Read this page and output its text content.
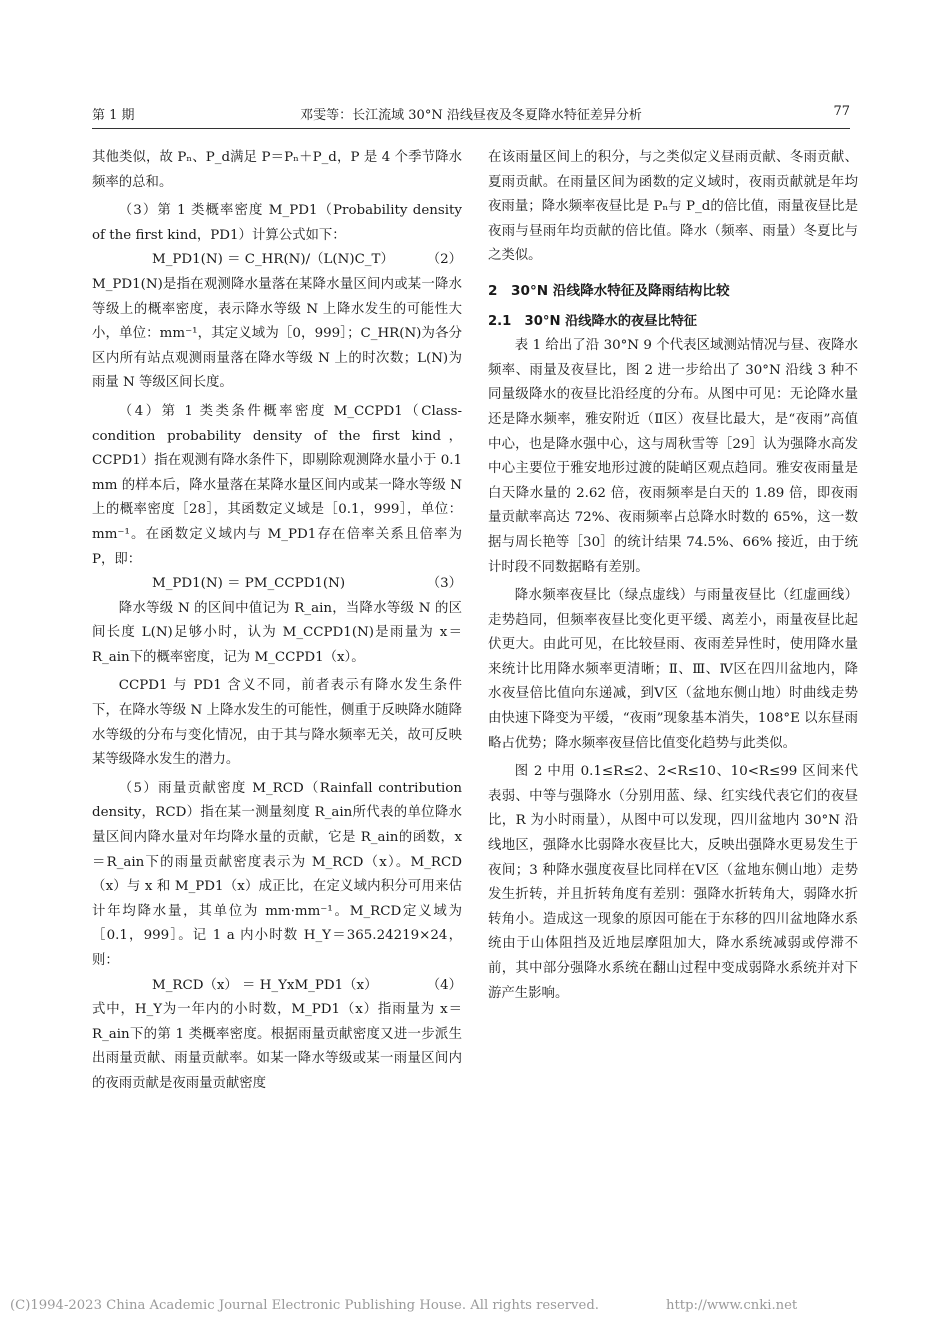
第 1 期	邓雯等：长江流域 30°N 沿线昼夜及冬夏降水特征差异分析	77

其他类似，故 Pₙ、P_d满足 P＝Pₙ＋P_d，P 是 4 个季节降水频率的总和。

（3）第 1 类概率密度 M_PD1（Probability density of the first kind，PD1）计算公式如下：

M_PD1(N) ＝ C_HR(N)/（L(N)C_T） （2）

M_PD1(N)是指在观测降水量落在某降水量区间内或某一降水等级上的概率密度，表示降水等级 N 上降水发生的可能性大小，单位：mm⁻¹，其定义域为［0，999］；C_HR(N)为各分区内所有站点观测雨量落在降水等级 N 上的时次数；L(N)为雨量 N 等级区间长度。

（4）第 1 类类条件概率密度 M_CCPD1（Class-condition probability density of the first kind，CCPD1）指在观测有降水条件下，即剔除观测降水量小于 0.1 mm 的样本后，降水量落在某降水量区间内或某一降水等级 N 上的概率密度［28］，其函数定义域是［0.1，999］，单位：mm⁻¹。在函数定义域内与 M_PD1存在倍率关系且倍率为 P，即：

M_PD1(N) ＝ PM_CCPD1(N)	（3）

降水等级 N 的区间中值记为 R_ain，当降水等级 N 的区间长度 L(N)足够小时，认为 M_CCPD1(N)是雨量为 x＝R_ain下的概率密度，记为 M_CCPD1（x）。

CCPD1 与 PD1 含义不同，前者表示有降水发生条件下，在降水等级 N 上降水发生的可能性，侧重于反映降水随降水等级的分布与变化情况，由于其与降水频率无关，故可反映某等级降水发生的潜力。

（5）雨量贡献密度 M_RCD（Rainfall contribution density，RCD）指在某一测量刻度 R_ain所代表的单位降水量区间内降水量对年均降水量的贡献，它是 R_ain的函数，x＝R_ain下的雨量贡献密度表示为 M_RCD（x）。M_RCD（x）与 x 和 M_PD1（x）成正比，在定义域内积分可用来估计年均降水量，其单位为 mm·mm⁻¹。M_RCD定义域为［0.1，999］。记 1 a 内小时数 H_Y＝365.24219×24，则：

M_RCD（x） ＝ H_YxM_PD1（x）	（4）

式中，H_Y为一年内的小时数，M_PD1（x）指雨量为 x＝R_ain下的第 1 类概率密度。根据雨量贡献密度又进一步派生出雨量贡献、雨量贡献率。如某一降水等级或某一雨量区间内的夜雨贡献是夜雨量贡献密度

在该雨量区间上的积分，与之类似定义昼雨贡献、冬雨贡献、夏雨贡献。在雨量区间为函数的定义域时，夜雨贡献就是年均夜雨量；降水频率夜昼比是 Pₙ与 P_d的倍比值，雨量夜昼比是夜雨与昼雨年均贡献的倍比值。降水（频率、雨量）冬夏比与之类似。

2　30°N 沿线降水特征及降雨结构比较

2.1　30°N 沿线降水的夜昼比特征

表 1 给出了沿 30°N 9 个代表区域测站情况与昼、夜降水频率、雨量及夜昼比，图 2 进一步给出了 30°N 沿线 3 种不同量级降水的夜昼比沿经度的分布。从图中可见：无论降水量还是降水频率，雅安附近（Ⅱ区）夜昼比最大，是“夜雨”高值中心，也是降水强中心，这与周秋雪等［29］认为强降水高发中心主要位于雅安地形过渡的陡峭区观点趋同。雅安夜雨量是白天降水量的 2.62 倍，夜雨频率是白天的 1.89 倍，即夜雨量贡献率高达 72%、夜雨频率占总降水时数的 65%，这一数据与周长艳等［30］的统计结果 74.5%、66% 接近，由于统计时段不同数据略有差别。

降水频率夜昼比（绿点虚线）与雨量夜昼比（红虚画线）走势趋同，但频率夜昼比变化更平缓、离差小，雨量夜昼比起伏更大。由此可见，在比较昼雨、夜雨差异性时，使用降水量来统计比用降水频率更清晰；Ⅱ、Ⅲ、Ⅳ区在四川盆地内，降水夜昼倍比值向东递减，到Ⅴ区（盆地东侧山地）时曲线走势由快速下降变为平缓，“夜雨”现象基本消失，108°E 以东昼雨略占优势；降水频率夜昼倍比值变化趋势与此类似。

图 2 中用 0.1≤R≤2、2<R≤10、10<R≤99 区间来代表弱、中等与强降水（分别用蓝、绿、红实线代表它们的夜昼比，R 为小时雨量），从图中可以发现，四川盆地内 30°N 沿线地区，强降水比弱降水夜昼比大，反映出强降水更易发生于夜间；3 种降水强度夜昼比同样在Ⅴ区（盆地东侧山地）走势发生折转，并且折转角度有差别：强降水折转角大，弱降水折转角小。造成这一现象的原因可能在于东移的四川盆地降水系统由于山体阻挡及近地层摩阻加大，降水系统减弱或停滞不前，其中部分强降水系统在翻山过程中变成弱降水系统并对下游产生影响。

(C)1994-2023 China Academic Journal Electronic Publishing House. All rights reserved.	http://www.cnki.net
